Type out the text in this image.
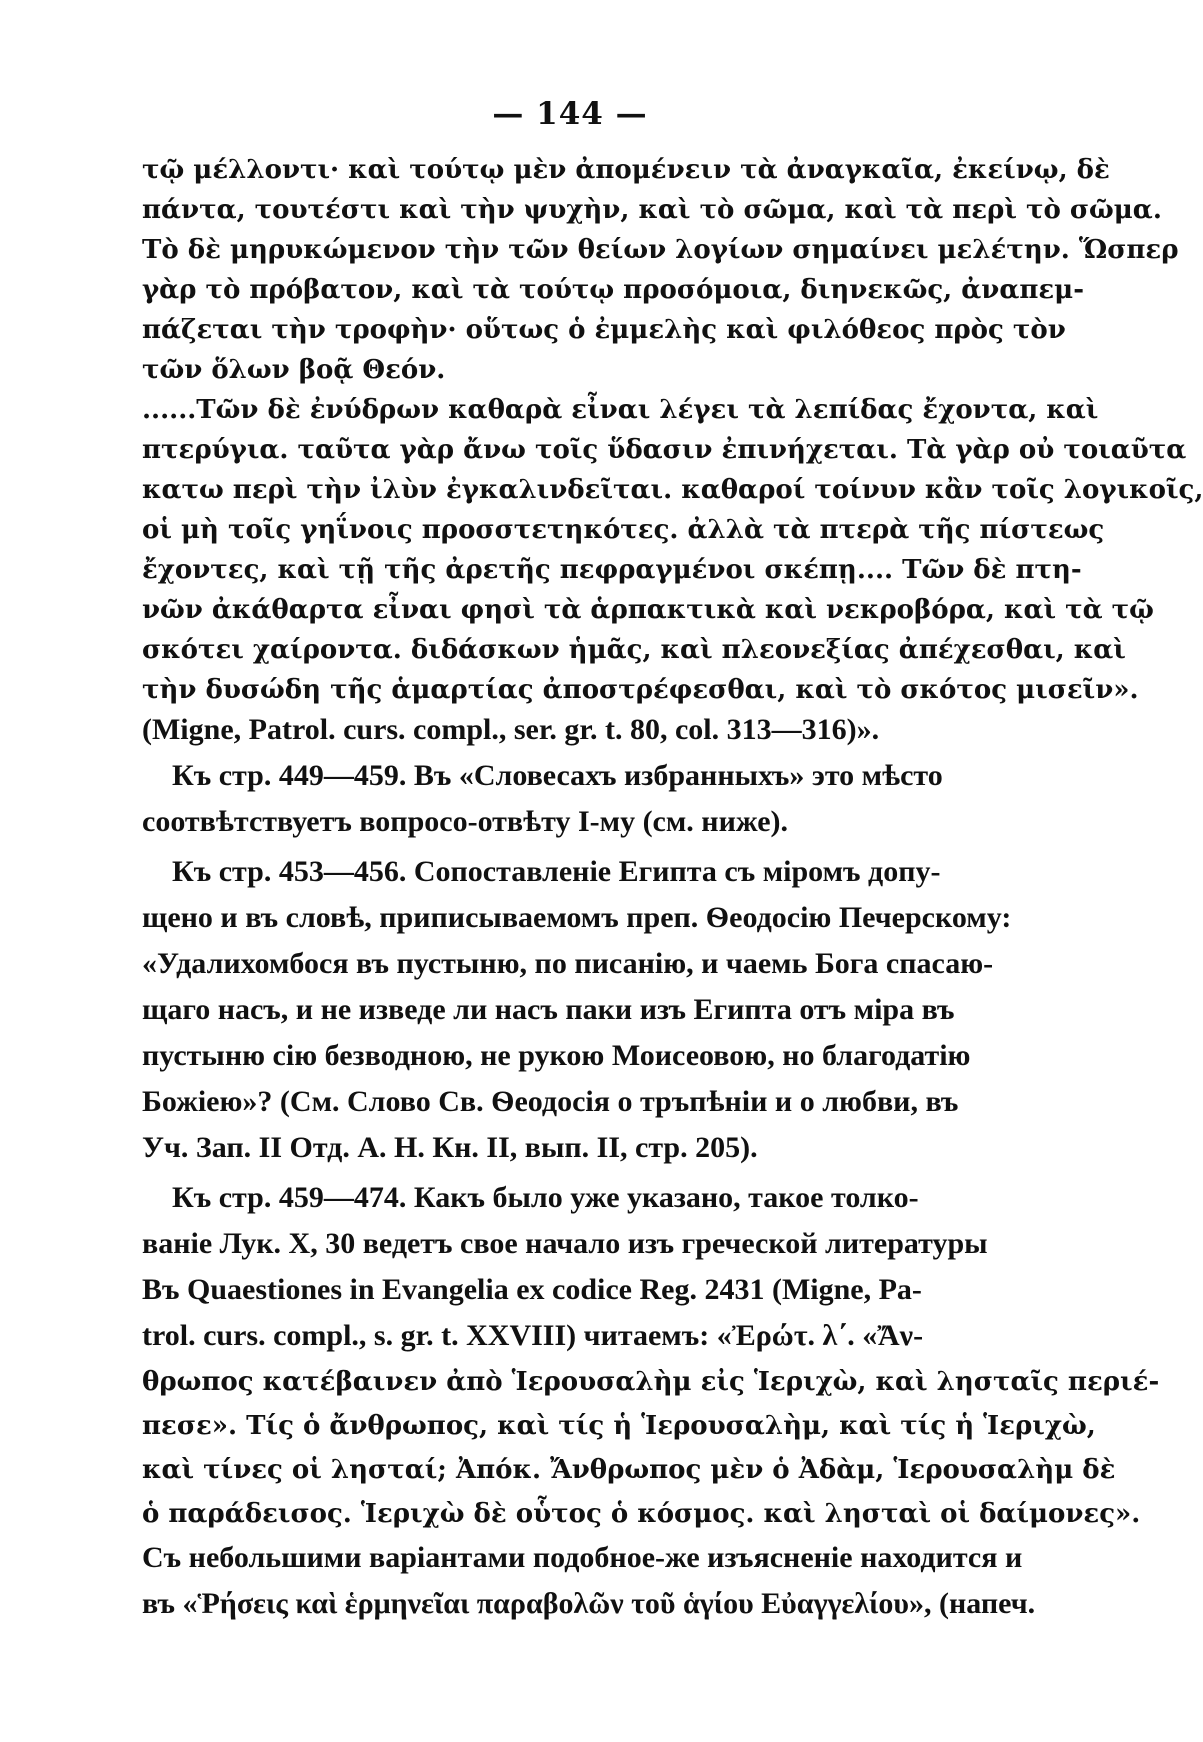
— 144 —
τῷ μέλλοντι· καὶ τούτῳ μὲν ἀπομένειν τὰ ἀναγκαῖα, ἐκείνῳ, δὲ
πάντα, τουτέστι καὶ τὴν ψυχὴν, καὶ τὸ σῶμα, καὶ τὰ περὶ τὸ σῶμα.
Τὸ δὲ μηρυκώμενον τὴν τῶν θείων λογίων σημαίνει μελέτην. Ὥσπερ
γὰρ τὸ πρόβατον, καὶ τὰ τούτῳ προσόμοια, διηνεκῶς, ἀναπεμ-
πάζεται τὴν τροφὴν· οὕτως ὁ ἐμμελὴς καὶ φιλόθεος πρὸς τὸν
τῶν ὅλων βοᾷ Θεόν.
......Τῶν δὲ ἐνύδρων καθαρὰ εἶναι λέγει τὰ λεπίδας ἔχοντα, καὶ
πτερύγια. ταῦτα γὰρ ἄνω τοῖς ὕδασιν ἐπινήχεται. Τὰ γὰρ οὐ τοιαῦτα
κατω περὶ τὴν ἰλὺν ἐγκαλινδεῖται. καθαροί τοίνυν κἂν τοῖς λογικοῖς,
οἱ μὴ τοῖς γηΐνοις προσστετηκότες. ἀλλὰ τὰ πτερὰ τῆς πίστεως
ἔχοντες, καὶ τῇ τῆς ἀρετῆς πεφραγμένοι σκέπῃ.... Τῶν δὲ πτη-
νῶν ἀκάθαρτα εἶναι φησὶ τὰ ἁρπακτικὰ καὶ νεκροβόρα, καὶ τὰ τῷ
σκότει χαίροντα. διδάσκων ἡμᾶς, καὶ πλεονεξίας ἀπέχεσθαι, καὶ
τὴν δυσώδη τῆς ἁμαρτίας ἀποστρέφεσθαι, καὶ τὸ σκότος μισεῖν».
(Migne, Patrol. curs. compl., ser. gr. t. 80, col. 313—316)».
Къ стр. 449—459. Въ «Словесахъ избранныхъ» это мѣсто
соотвѣтствуетъ вопросо-отвѣту I-му (см. ниже).
Къ стр. 453—456. Сопоставленіе Египта съ міромъ допу-
щено и въ словѣ, приписываемомъ преп. Ѳеодосію Печерскому:
«Удалихомбося въ пустыню, по писанію, и чаемь Бога спасаю-
щаго насъ, и не изведе ли насъ паки изъ Египта отъ міра въ
пустыню сію безводною, не рукою Моисеовою, но благодатію
Божіею»? (См. Слово Св. Ѳеодосія о тръпѣніи и о любви, въ
Уч. Зап. II Отд. А. Н. Кн. II, вып. II, стр. 205).
Къ стр. 459—474. Какъ было уже указано, такое толко-
ваніе Лук. X, 30 ведетъ свое начало изъ греческой литературы
Въ Quaestiones in Evangelia ex codice Reg. 2431 (Migne, Pa-
trol. curs. compl., s. gr. t. XXVIII) читаемъ: «Ἐρώτ. λ΄. «Ἄν-
θρωπος κατέβαινεν ἀπὸ Ἱερουσαλὴμ εἰς Ἱεριχὼ, καὶ λησταῖς περιέ-
πεσε». Τίς ὁ ἄνθρωπος, καὶ τίς ἡ Ἱερουσαλὴμ, καὶ τίς ἡ Ἱεριχὼ,
καὶ τίνες οἱ λησταί; Ἀπόκ. Ἄνθρωπος μὲν ὁ Ἀδὰμ, Ἱερουσαλὴμ δὲ
ὁ παράδεισος. Ἱεριχὼ δὲ οὗτος ὁ κόσμος. καὶ λησταὶ οἱ δαίμονες».
Съ небольшими варіантами подобное-же изъясненіе находится и
въ «Ῥήσεις καὶ ἑρμηνεῖαι παραβολῶν τοῦ ἁγίου Εὐαγγελίου», (напеч.
